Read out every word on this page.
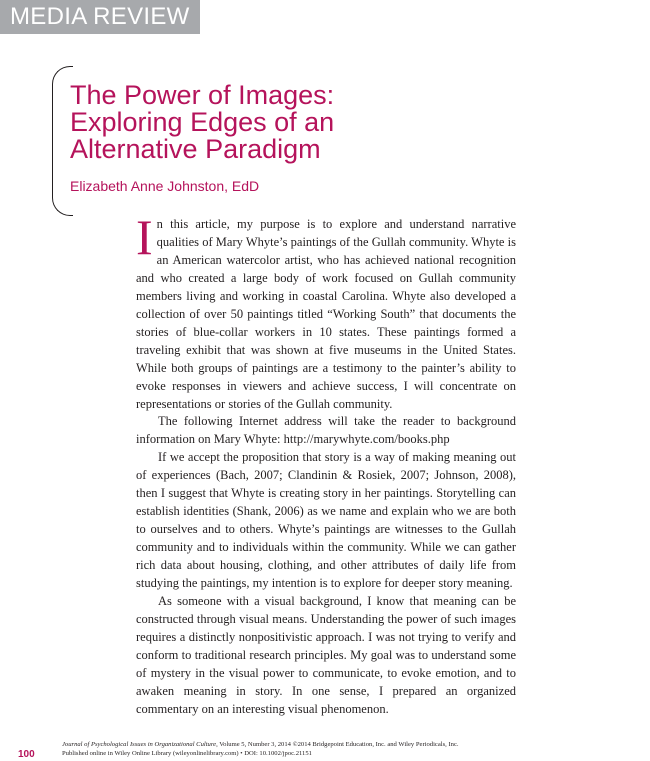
MEDIA REVIEW
The Power of Images:
Exploring Edges of an
Alternative Paradigm
Elizabeth Anne Johnston, EdD

In this article, my purpose is to explore and understand narrative qualities of Mary Whyte’s paintings of the Gullah community. Whyte is an American watercolor artist, who has achieved national recognition and who created a large body of work focused on Gullah community members living and working in coastal Carolina. Whyte also developed a collection of over 50 paintings titled “Working South” that documents the stories of blue-collar workers in 10 states. These paintings formed a traveling exhibit that was shown at five museums in the United States. While both groups of paintings are a testimony to the painter’s ability to evoke responses in viewers and achieve success, I will concentrate on representations or stories of the Gullah community.

The following Internet address will take the reader to background information on Mary Whyte: http://marywhyte.com/books.php

If we accept the proposition that story is a way of making meaning out of experiences (Bach, 2007; Clandinin & Rosiek, 2007; Johnson, 2008), then I suggest that Whyte is creating story in her paintings. Storytelling can establish identities (Shank, 2006) as we name and explain who we are both to ourselves and to others. Whyte’s paintings are witnesses to the Gullah community and to individuals within the community. While we can gather rich data about housing, clothing, and other attributes of daily life from studying the paintings, my intention is to explore for deeper story meaning.

As someone with a visual background, I know that meaning can be constructed through visual means. Understanding the power of such images requires a distinctly nonpositivistic approach. I was not trying to verify and conform to traditional research principles. My goal was to understand some of mystery in the visual power to communicate, to evoke emotion, and to awaken meaning in story. In one sense, I prepared an organized commentary on an interesting visual phenomenon.

100
Journal of Psychological Issues in Organizational Culture, Volume 5, Number 3, 2014 ©2014 Bridgepoint Education, Inc. and Wiley Periodicals, Inc.
Published online in Wiley Online Library (wileyonlinelibrary.com) • DOI: 10.1002/jpoc.21151
